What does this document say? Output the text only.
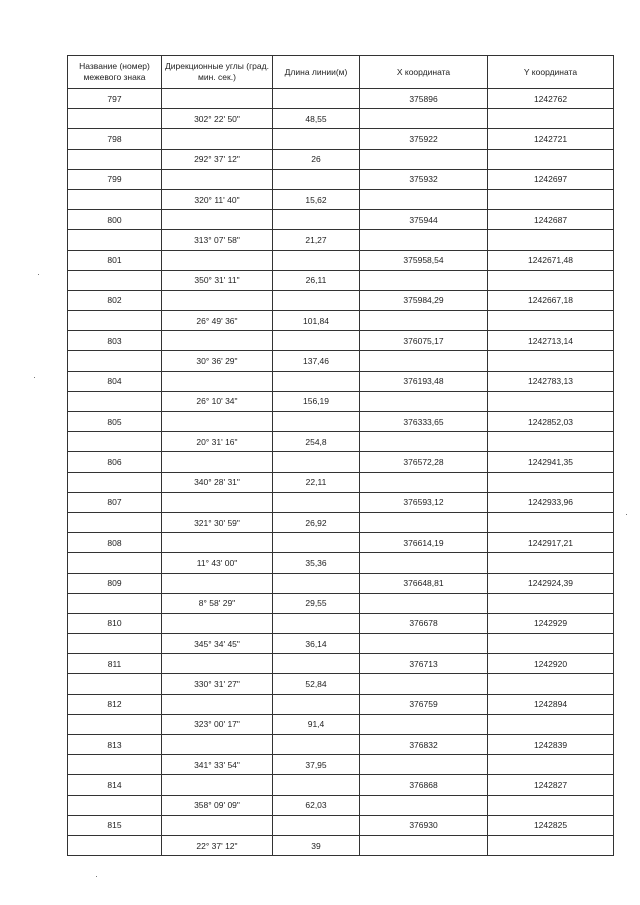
Название (номер) межевого знака	Дирекционные углы (град. мин. сек.)	Длина линии(м)	X координата	Y координата
797			375896	1242762
	302° 22' 50"	48,55		
798			375922	1242721
	292° 37' 12"	26		
799			375932	1242697
	320° 11' 40"	15,62		
800			375944	1242687
	313° 07' 58"	21,27		
801			375958,54	1242671,48
	350° 31' 11"	26,11		
802			375984,29	1242667,18
	26° 49' 36"	101,84		
803			376075,17	1242713,14
	30° 36' 29"	137,46		
804			376193,48	1242783,13
	26° 10' 34"	156,19		
805			376333,65	1242852,03
	20° 31' 16"	254,8		
806			376572,28	1242941,35
	340° 28' 31"	22,11		
807			376593,12	1242933,96
	321° 30' 59"	26,92		
808			376614,19	1242917,21
	11° 43' 00"	35,36		
809			376648,81	1242924,39
	8° 58' 29"	29,55		
810			376678	1242929
	345° 34' 45"	36,14		
811			376713	1242920
	330° 31' 27"	52,84		
812			376759	1242894
	323° 00' 17"	91,4		
813			376832	1242839
	341° 33' 54"	37,95		
814			376868	1242827
	358° 09' 09"	62,03		
815			376930	1242825
	22° 37' 12"	39		
